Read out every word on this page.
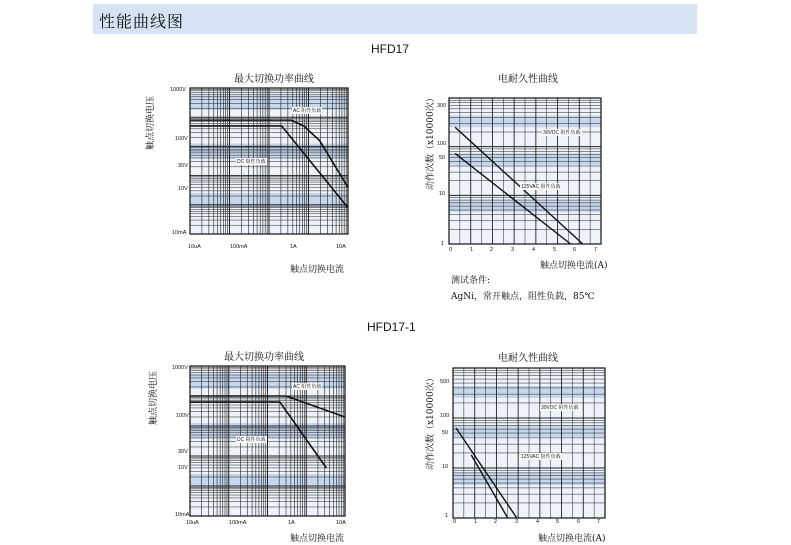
性能曲线图
HFD17
最大切换功率曲线
触点切换电压
1000V
100V
30V
10V
10mA
10uA	100mA	1A	10A
AC 阻性负载
DC 阻性负载
触点切换电流
电耐久性曲线
动作次数（x10000次） 300
100
50
10
1
0	1	2	3	4	5	6	7
30VDC 阻性负载
125VAC 阻性负载
触点切换电流(A)
测试条件:
AgNi，常开触点，阻性负载，85℃
HFD17-1
最大切换功率曲线
触点切换电压
1000V
100V
30V
10V
10mA
10uA	100mA	1A	10A
AC 阻性负载
DC 阻性负载
触点切换电流
电耐久性曲线
动作次数（x10000次） 500
100
50
10
1
0	1	2	3	4	5	6	7
30VDC 阻性负载
125VAC 阻性负载
触点切换电流(A)
